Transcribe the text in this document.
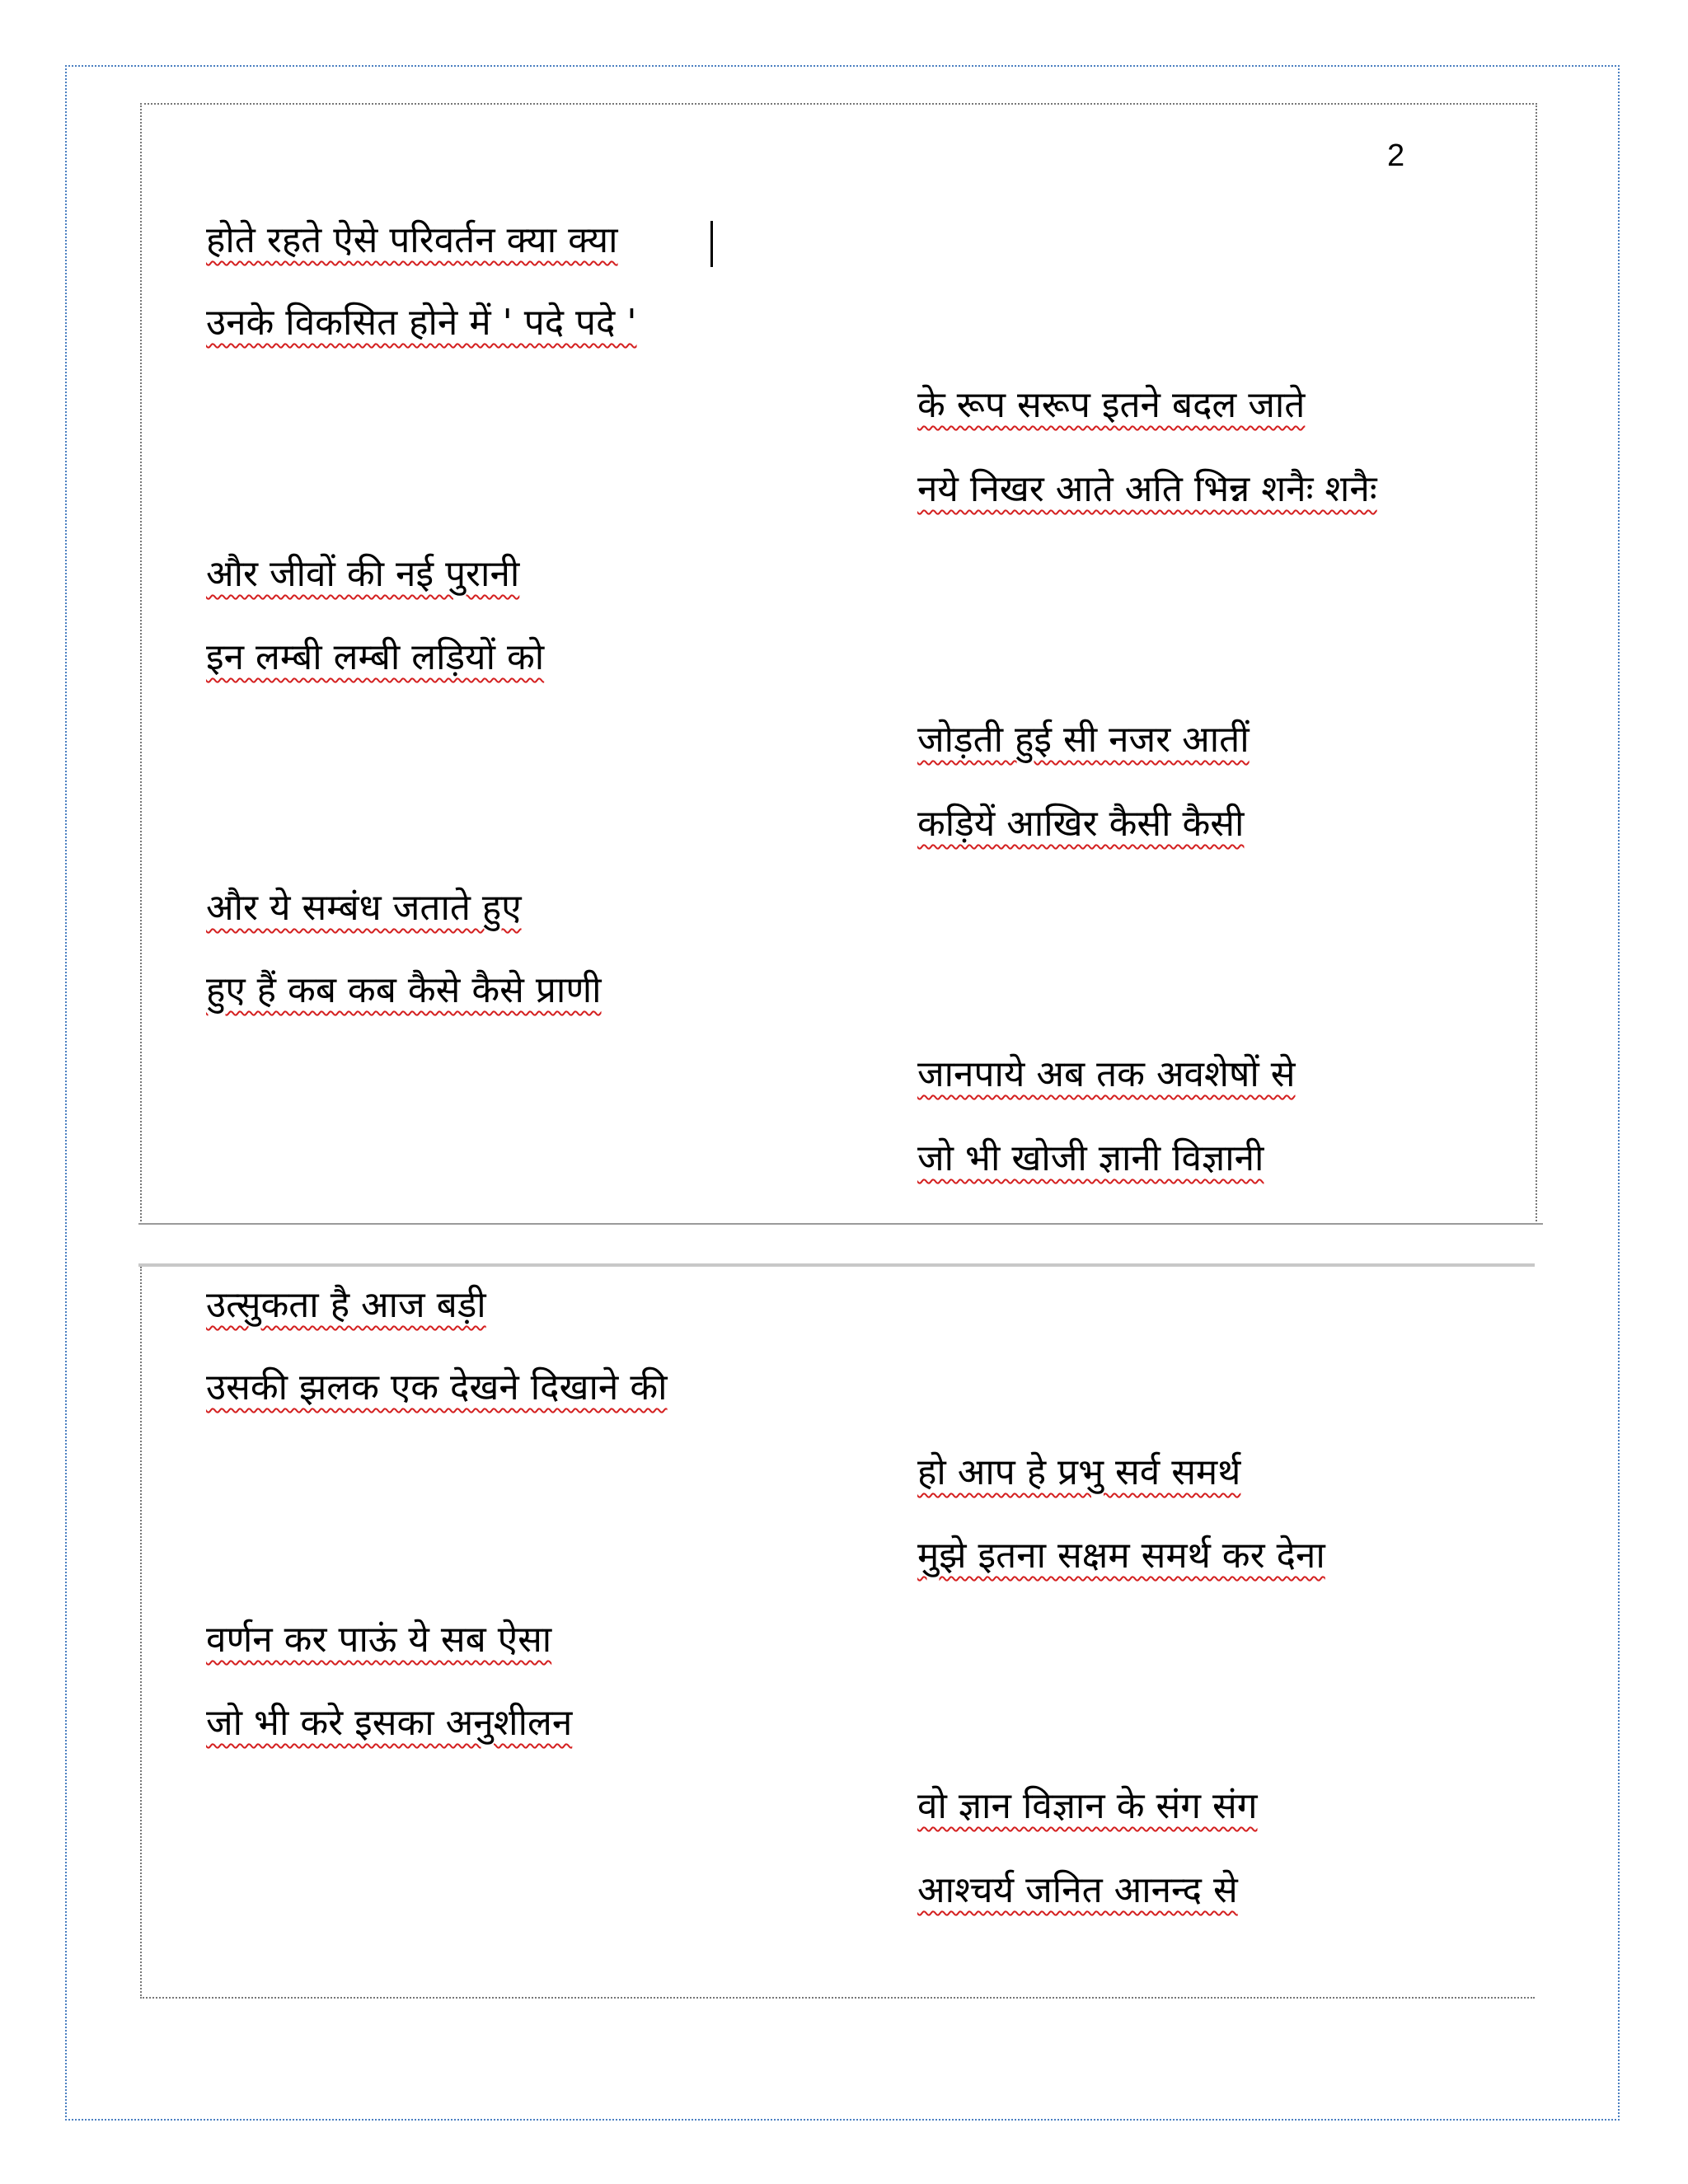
2
होते रहते ऐसे परिवर्तन क्या क्या
उनके विकसित होने में ' पदे पदे '
के रूप सरूप इतने बदल जाते
नये निखर आते अति भिन्न शनैः शनैः
और जीवों की नई पुरानी
इन लम्बी लम्बी लड़ियों को
जोड़ती हुई सी नजर आतीं
कड़ियें आखिर कैसी कैसी
और ये सम्बंध जताते हुए
हुए हैं कब कब कैसे कैसे प्राणी
जानपाये अब तक अवशेषों से
जो भी खोजी ज्ञानी विज्ञानी
उत्सुकता है आज बड़ी
उसकी झलक एक देखने दिखाने की
हो आप हे प्रभु सर्व समर्थ
मुझे इतना सक्षम समर्थ कर देना
वर्णन कर पाऊं ये सब ऐसा
जो भी करे इसका अनुशीलन
वो ज्ञान विज्ञान के संग संग
आश्चर्य जनित आनन्द से
